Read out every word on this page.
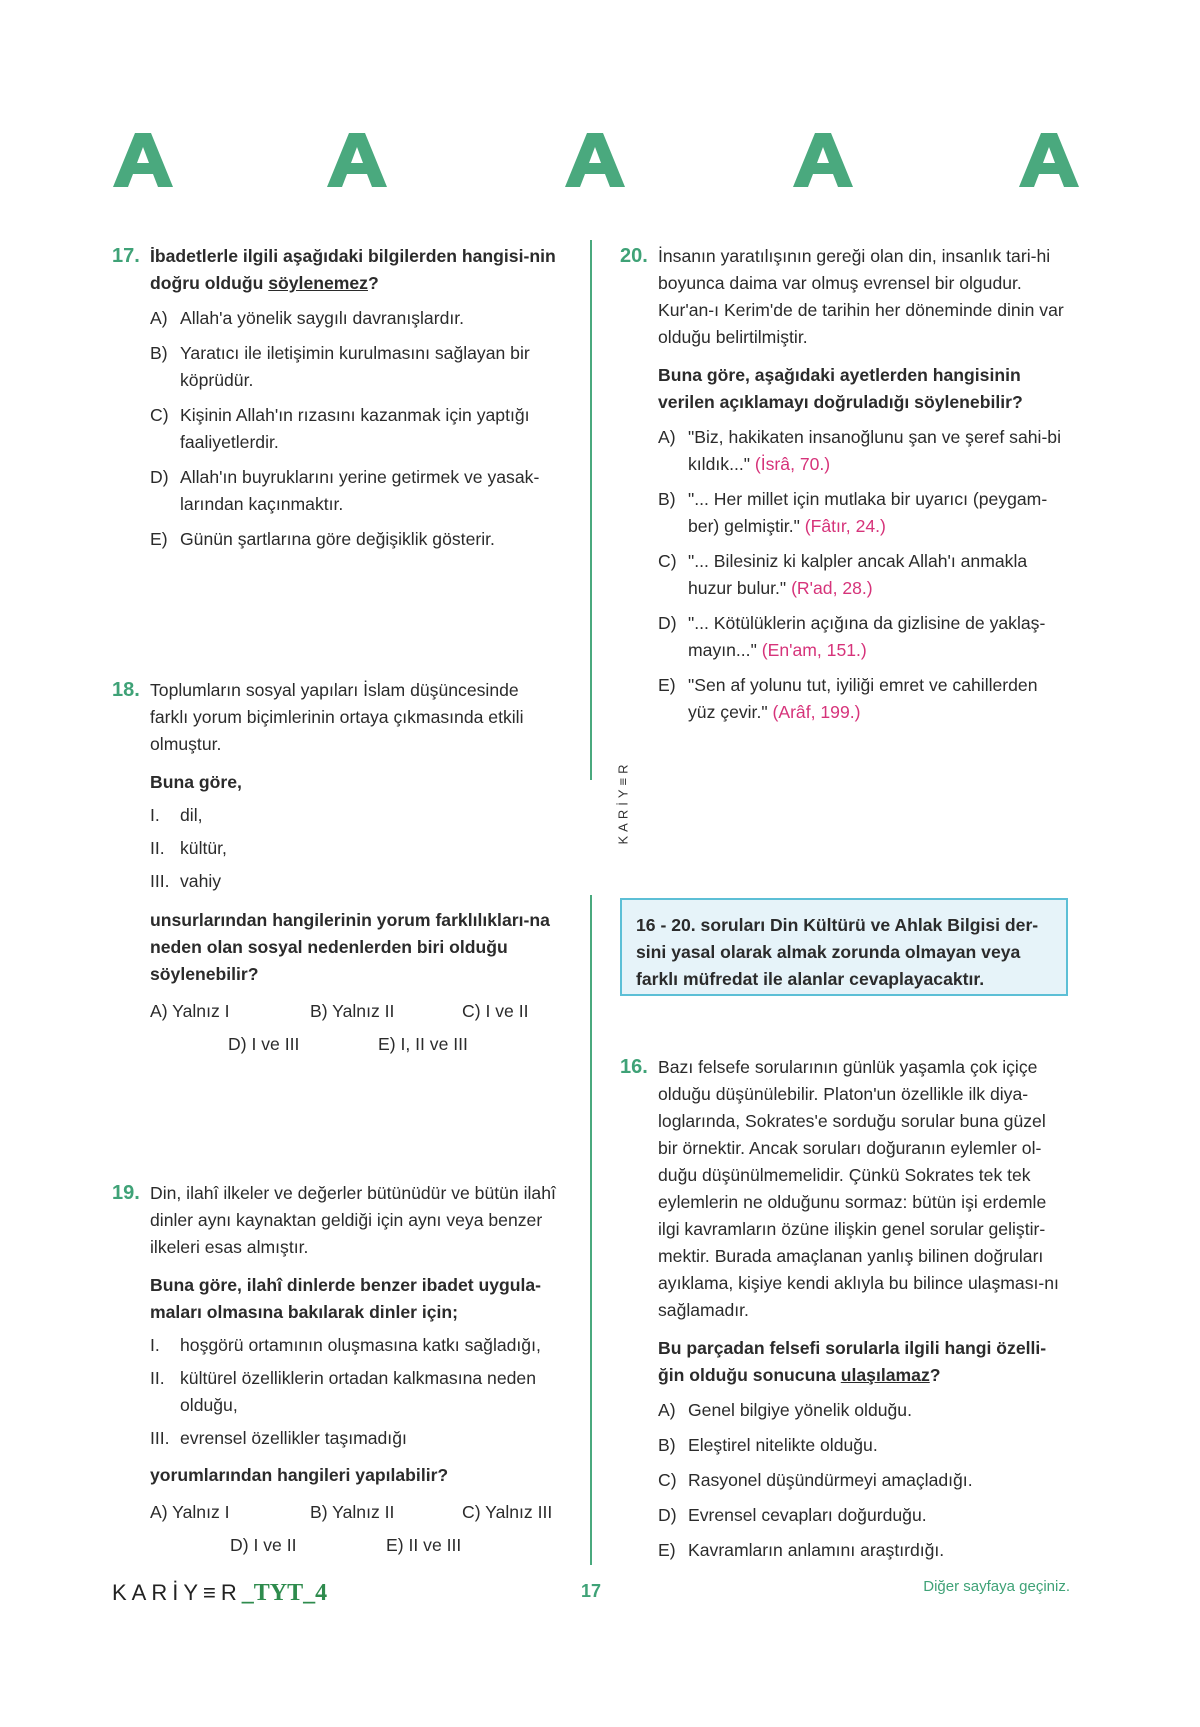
KARİY≡R
17. İbadetlerle ilgili aşağıdaki bilgilerden hangisi-nin doğru olduğu söylenemez?

A) Allah'a yönelik saygılı davranışlardır.
B) Yaratıcı ile iletişimin kurulmasını sağlayan bir köprüdür.
C) Kişinin Allah'ın rızasını kazanmak için yaptığı faaliyetlerdir.
D) Allah'ın buyruklarını yerine getirmek ve yasak-larından kaçınmaktır.
E) Günün şartlarına göre değişiklik gösterir.
18. Toplumların sosyal yapıları İslam düşüncesinde farklı yorum biçimlerinin ortaya çıkmasında etkili olmuştur.

Buna göre,

I.	dil,
II. kültür,
III. vahiy

unsurlarından hangilerinin yorum farklılıkları-na neden olan sosyal nedenlerden biri olduğu söylenebilir?

A) Yalnız I	B) Yalnız II	C) I ve II
D) I ve III	E) I, II ve III
19. Din, ilahî ilkeler ve değerler bütünüdür ve bütün ilahî dinler aynı kaynaktan geldiği için aynı veya benzer ilkeleri esas almıştır.

Buna göre, ilahî dinlerde benzer ibadet uygula-maları olmasına bakılarak dinler için;

I.	hoşgörü ortamının oluşmasına katkı sağladığı,
II. kültürel özelliklerin ortadan kalkmasına neden olduğu,
III. evrensel özellikler taşımadığı

yorumlarından hangileri yapılabilir?

A) Yalnız I	B) Yalnız II	C) Yalnız III
D) I ve II	E) II ve III
20. İnsanın yaratılışının gereği olan din, insanlık tari-hi boyunca daima var olmuş evrensel bir olgudur. Kur'an-ı Kerim'de de tarihin her döneminde dinin var olduğu belirtilmiştir.

Buna göre, aşağıdaki ayetlerden hangisinin verilen açıklamayı doğruladığı söylenebilir?

A) "Biz, hakikaten insanoğlunu şan ve şeref sahi-bi kıldık..." (İsrâ, 70.)
B) "... Her millet için mutlaka bir uyarıcı (peygam-ber) gelmiştir." (Fâtır, 24.)
C) "... Bilesiniz ki kalpler ancak Allah'ı anmakla huzur bulur." (R'ad, 28.)
D) "... Kötülüklerin açığına da gizlisine de yaklaş-mayın..." (En'am, 151.)
E) "Sen af yolunu tut, iyiliği emret ve cahillerden yüz çevir." (Arâf, 199.)
16 - 20. soruları Din Kültürü ve Ahlak Bilgisi der-sini yasal olarak almak zorunda olmayan veya farklı müfredat ile alanlar cevaplayacaktır.
16. Bazı felsefe sorularının günlük yaşamla çok içiçe olduğu düşünülebilir. Platon'un özellikle ilk diya-loglarında, Sokrates'e sorduğu sorular buna güzel bir örnektir. Ancak soruları doğuranın eylemler ol-duğu düşünülmemelidir. Çünkü Sokrates tek tek eylemlerin ne olduğunu sormaz: bütün işi erdemle ilgi kavramların özüne ilişkin genel sorular geliştir-mektir. Burada amaçlanan yanlış bilinen doğruları ayıklama, kişiye kendi aklıyla bu bilince ulaşması-nı sağlamadır.

Bu parçadan felsefi sorularla ilgili hangi özelli-ğin olduğu sonucuna ulaşılamaz?

A) Genel bilgiye yönelik olduğu.
B) Eleştirel nitelikte olduğu.
C) Rasyonel düşündürmeyi amaçladığı.
D) Evrensel cevapları doğurduğu.
E) Kavramların anlamını araştırdığı.
KARİY≡R_TYT_4	17	Diğer sayfaya geçiniz.
